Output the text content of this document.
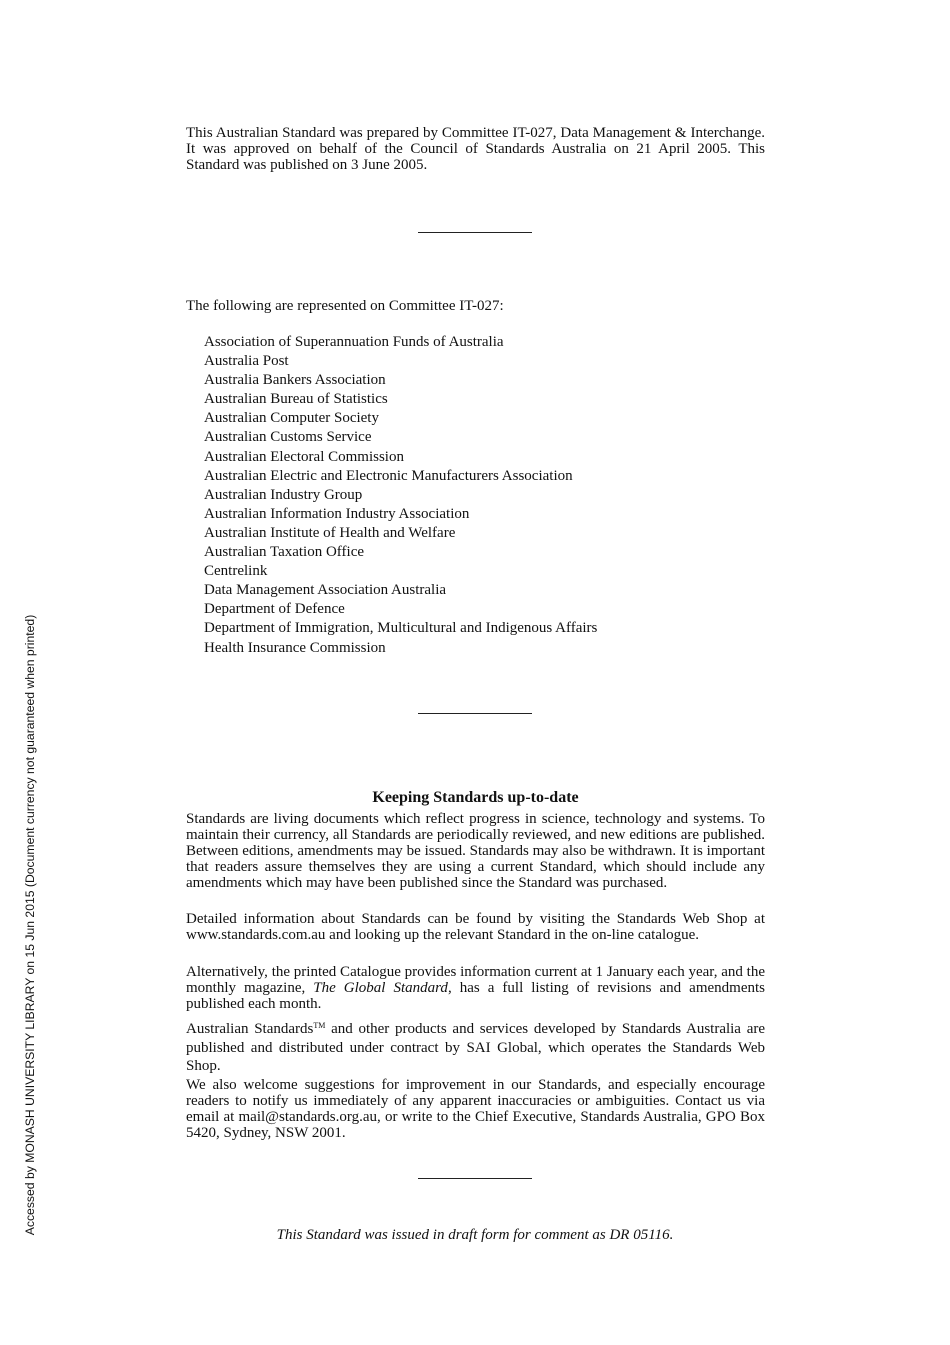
This Australian Standard was prepared by Committee IT-027, Data Management & Interchange. It was approved on behalf of the Council of Standards Australia on 21 April 2005. This Standard was published on 3 June 2005.
The following are represented on Committee IT-027:
Association of Superannuation Funds of Australia
Australia Post
Australia Bankers Association
Australian Bureau of Statistics
Australian Computer Society
Australian Customs Service
Australian Electoral Commission
Australian Electric and Electronic Manufacturers Association
Australian Industry Group
Australian Information Industry Association
Australian Institute of Health and Welfare
Australian Taxation Office
Centrelink
Data Management Association Australia
Department of Defence
Department of Immigration, Multicultural and Indigenous Affairs
Health Insurance Commission
Keeping Standards up-to-date

Standards are living documents which reflect progress in science, technology and systems. To maintain their currency, all Standards are periodically reviewed, and new editions are published. Between editions, amendments may be issued. Standards may also be withdrawn. It is important that readers assure themselves they are using a current Standard, which should include any amendments which may have been published since the Standard was purchased.

Detailed information about Standards can be found by visiting the Standards Web Shop at www.standards.com.au and looking up the relevant Standard in the on-line catalogue.

Alternatively, the printed Catalogue provides information current at 1 January each year, and the monthly magazine, The Global Standard, has a full listing of revisions and amendments published each month.

Australian Standards™ and other products and services developed by Standards Australia are published and distributed under contract by SAI Global, which operates the Standards Web Shop.

We also welcome suggestions for improvement in our Standards, and especially encourage readers to notify us immediately of any apparent inaccuracies or ambiguities. Contact us via email at mail@standards.org.au, or write to the Chief Executive, Standards Australia, GPO Box 5420, Sydney, NSW 2001.

This Standard was issued in draft form for comment as DR 05116.
Accessed by MONASH UNIVERSITY LIBRARY on 15 Jun 2015 (Document currency not guaranteed when printed)
